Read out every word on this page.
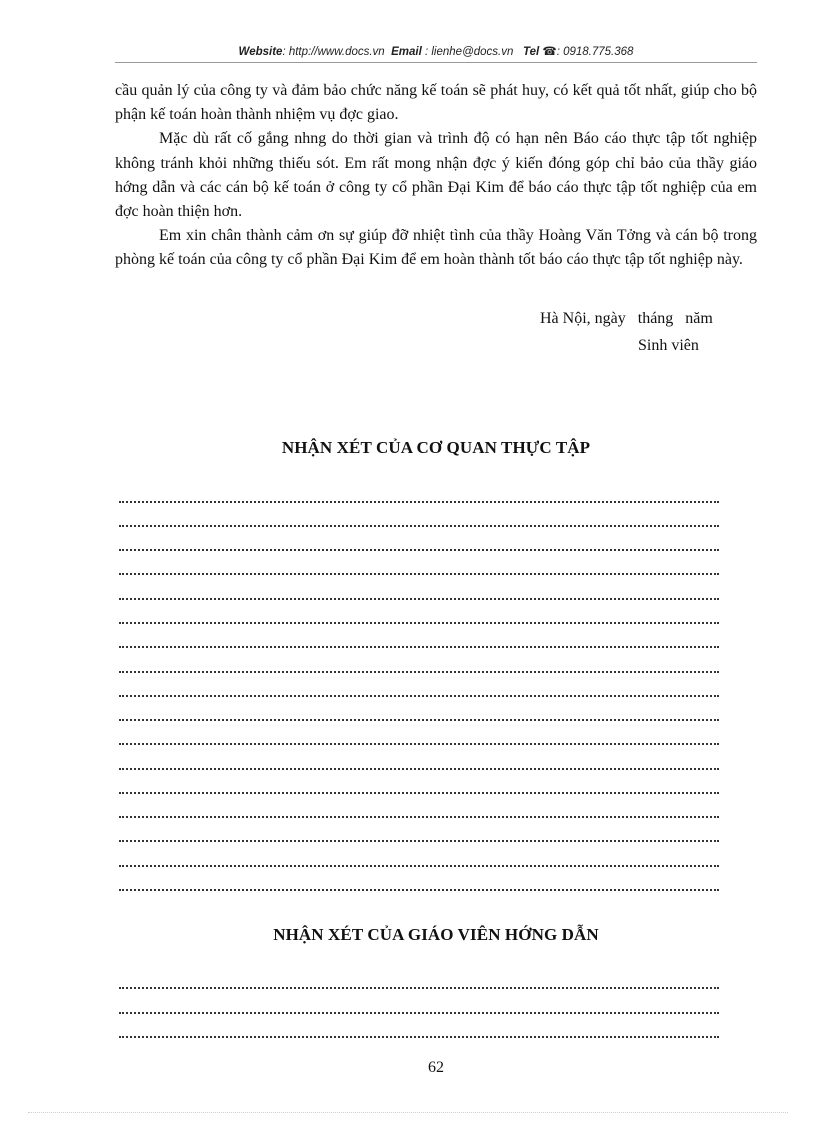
Website: http://www.docs.vn Email : lienhe@docs.vn Tel ☎: 0918.775.368

cầu quản lý của công ty và đảm bảo chức năng kế toán sẽ phát huy, có kết quả tốt nhất, giúp cho bộ phận kế toán hoàn thành nhiệm vụ đợc giao.

Mặc dù rất cố gắng nhng do thời gian và trình độ có hạn nên Báo cáo thực tập tốt nghiệp không tránh khỏi những thiếu sót. Em rất mong nhận đợc ý kiến đóng góp chỉ bảo của thầy giáo hớng dẫn và các cán bộ kế toán ở công ty cổ phần Đại Kim để báo cáo thực tập tốt nghiệp của em đợc hoàn thiện hơn.

Em xin chân thành cảm ơn sự giúp đỡ nhiệt tình của thầy Hoàng Văn Tởng và cán bộ trong phòng kế toán của công ty cổ phần Đại Kim để em hoàn thành tốt báo cáo thực tập tốt nghiệp này.

Hà Nội, ngày   tháng   năm
Sinh viên
NHẬN XÉT CỦA CƠ QUAN THỰC TẬP
NHẬN XÉT CỦA GIÁO VIÊN HỚNG DẪN
62
